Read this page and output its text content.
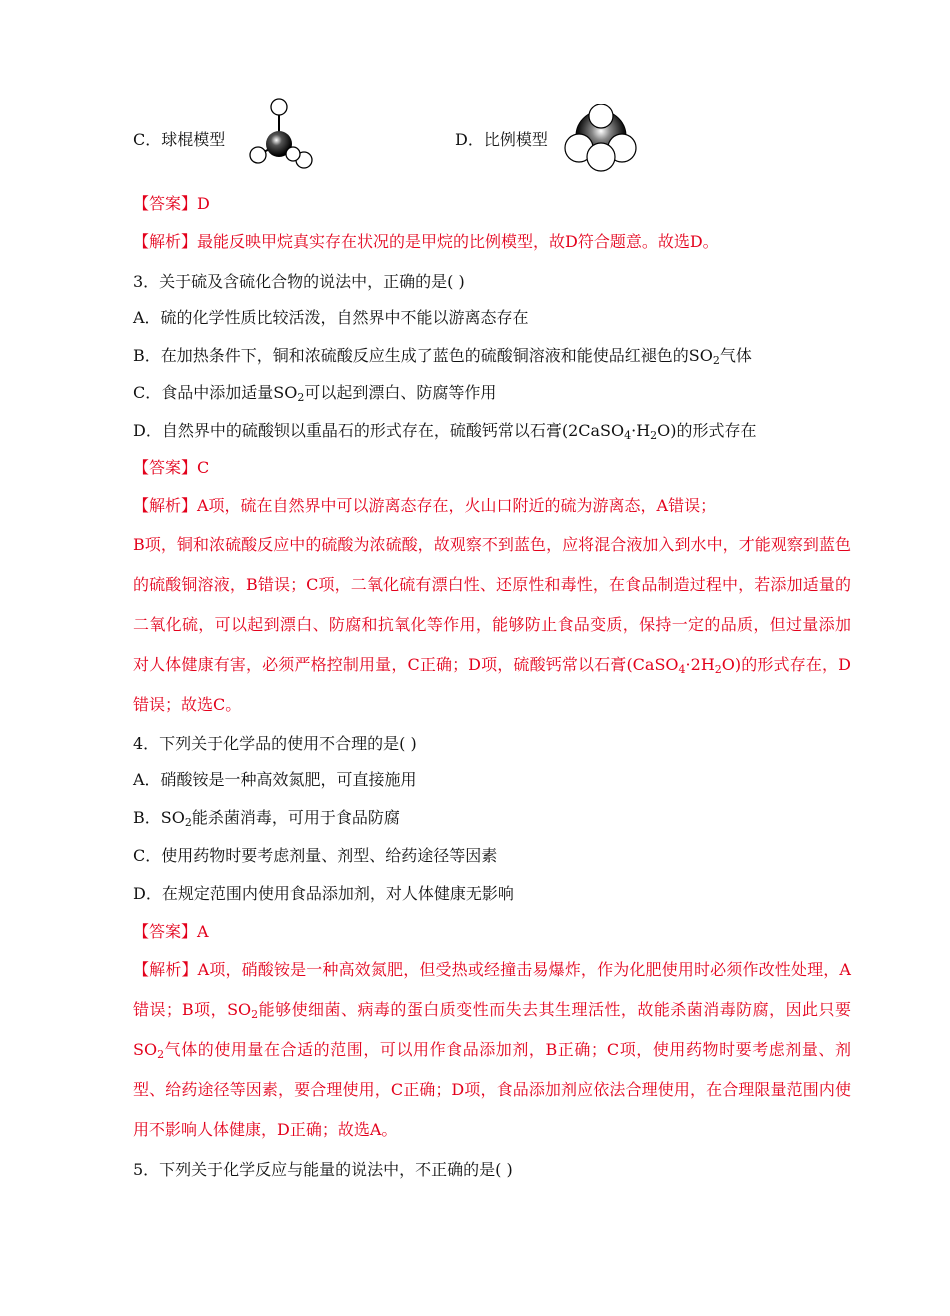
C．球棍模型	D．比例模型
【答案】D
【解析】最能反映甲烷真实存在状况的是甲烷的比例模型，故D符合题意。故选D。
3．关于硫及含硫化合物的说法中，正确的是( )
A．硫的化学性质比较活泼，自然界中不能以游离态存在
B．在加热条件下，铜和浓硫酸反应生成了蓝色的硫酸铜溶液和能使品红褪色的$SO_2$气体
C．食品中添加适量$SO_2$可以起到漂白、防腐等作用
D．自然界中的硫酸钡以重晶石的形式存在，硫酸钙常以石膏$(2CaSO_4\cdot H_2O)$的形式存在
【答案】C
【解析】A项，硫在自然界中可以游离态存在，火山口附近的硫为游离态，A错误；
B项，铜和浓硫酸反应中的硫酸为浓硫酸，故观察不到蓝色，应将混合液加入到水中，才能观察到蓝色的硫酸铜溶液，B错误；C项，二氧化硫有漂白性、还原性和毒性，在食品制造过程中，若添加适量的二氧化硫，可以起到漂白、防腐和抗氧化等作用，能够防止食品变质，保持一定的品质，但过量添加对人体健康有害，必须严格控制用量，C正确；D项，硫酸钙常以石膏$(CaSO_4\cdot 2H_2O)$的形式存在，D错误；故选C。
4．下列关于化学品的使用不合理的是( )
A．硝酸铵是一种高效氮肥，可直接施用
B．$SO_2$能杀菌消毒，可用于食品防腐
C．使用药物时要考虑剂量、剂型、给药途径等因素
D．在规定范围内使用食品添加剂，对人体健康无影响
【答案】A
【解析】A项，硝酸铵是一种高效氮肥，但受热或经撞击易爆炸，作为化肥使用时必须作改性处理，A错误；B项，$SO_2$能够使细菌、病毒的蛋白质变性而失去其生理活性，故能杀菌消毒防腐，因此只要$SO_2$气体的使用量在合适的范围，可以用作食品添加剂，B正确；C项，使用药物时要考虑剂量、剂型、给药途径等因素，要合理使用，C正确；D项，食品添加剂应依法合理使用，在合理限量范围内使用不影响人体健康，D正确；故选A。
5．下列关于化学反应与能量的说法中，不正确的是( )
